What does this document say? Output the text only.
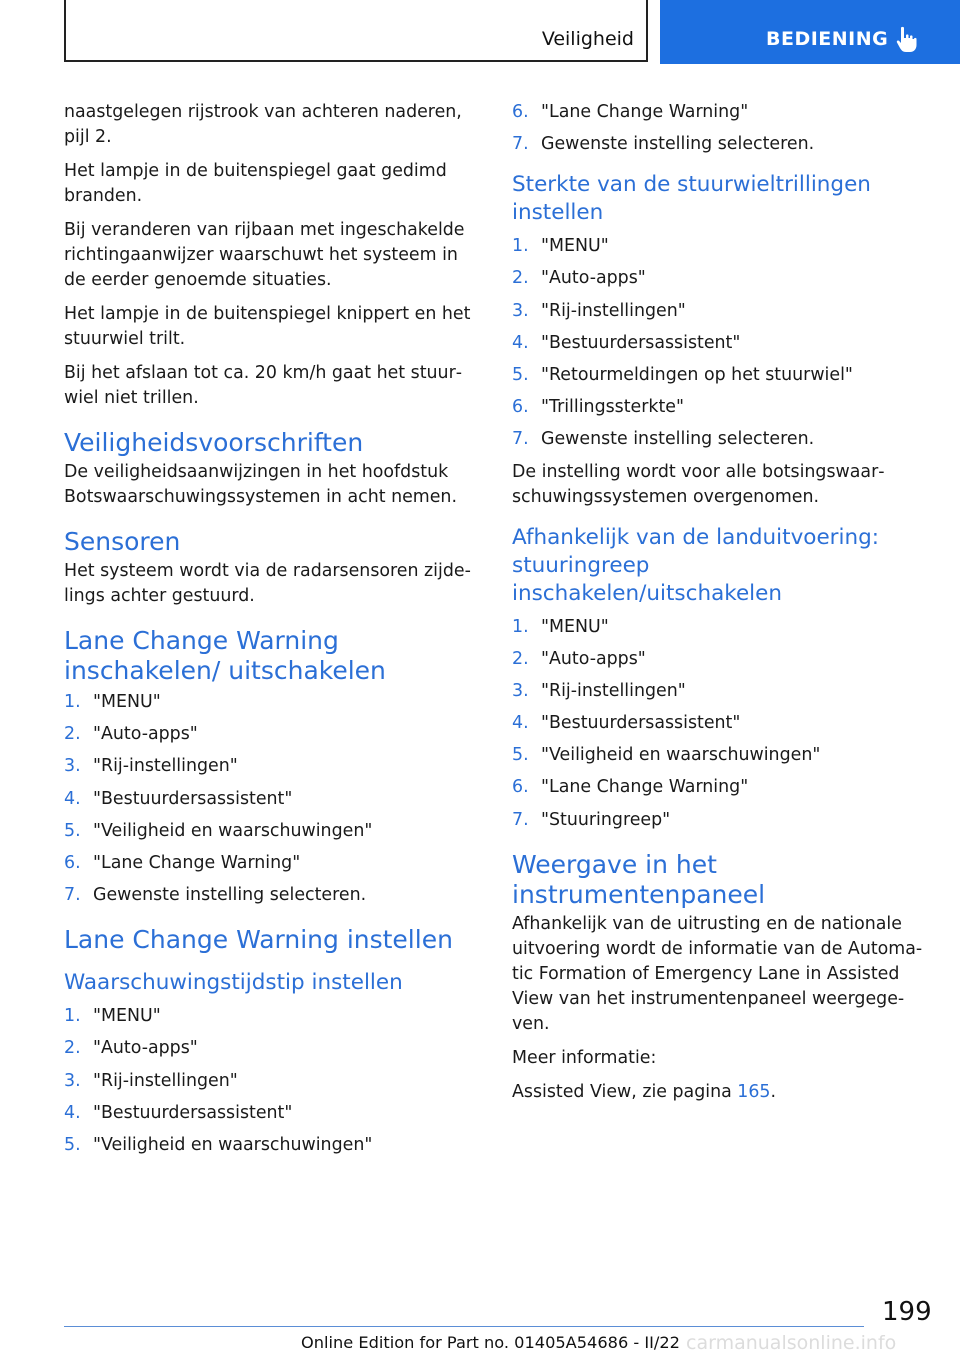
Veiligheid	BEDIENING

naastgelegen rijstrook van achteren naderen, pijl 2.

Het lampje in de buitenspiegel gaat gedimd branden.

Bij veranderen van rijbaan met ingeschakelde richtingaanwijzer waarschuwt het systeem in de eerder genoemde situaties.

Het lampje in de buitenspiegel knippert en het stuurwiel trilt.

Bij het afslaan tot ca. 20 km/h gaat het stuur‐wiel niet trillen.

Veiligheidsvoorschriften

De veiligheidsaanwijzingen in het hoofdstuk Botswaarschuwingssystemen in acht nemen.

Sensoren

Het systeem wordt via de radarsensoren zijde‐lings achter gestuurd.

Lane Change Warning inschakelen/ uitschakelen
1. "MENU"
2. "Auto-apps"
3. "Rij-instellingen"
4. "Bestuurdersassistent"
5. "Veiligheid en waarschuwingen"
6. "Lane Change Warning"
7. Gewenste instelling selecteren.
Lane Change Warning instellen
Waarschuwingstijdstip instellen
1. "MENU"
2. "Auto-apps"
3. "Rij-instellingen"
4. "Bestuurdersassistent"
5. "Veiligheid en waarschuwingen"
6. "Lane Change Warning"
7. Gewenste instelling selecteren.
Sterkte van de stuurwieltrillingen instellen
1. "MENU"
2. "Auto-apps"
3. "Rij-instellingen"
4. "Bestuurdersassistent"
5. "Retourmeldingen op het stuurwiel"
6. "Trillingssterkte"
7. Gewenste instelling selecteren.

De instelling wordt voor alle botsingswaar‐schuwingssystemen overgenomen.

Afhankelijk van de landuitvoering: stuuringreep inschakelen/uitschakelen
1. "MENU"
2. "Auto-apps"
3. "Rij-instellingen"
4. "Bestuurdersassistent"
5. "Veiligheid en waarschuwingen"
6. "Lane Change Warning"
7. "Stuuringreep"
Weergave in het instrumentenpaneel

Afhankelijk van de uitrusting en de nationale uitvoering wordt de informatie van de Automa‐tic Formation of Emergency Lane in Assisted View van het instrumentenpaneel weergege‐ven.

Meer informatie:

Assisted View, zie pagina 165.

199
Online Edition for Part no. 01405A54686 - II/22 carmanualsonline.info
